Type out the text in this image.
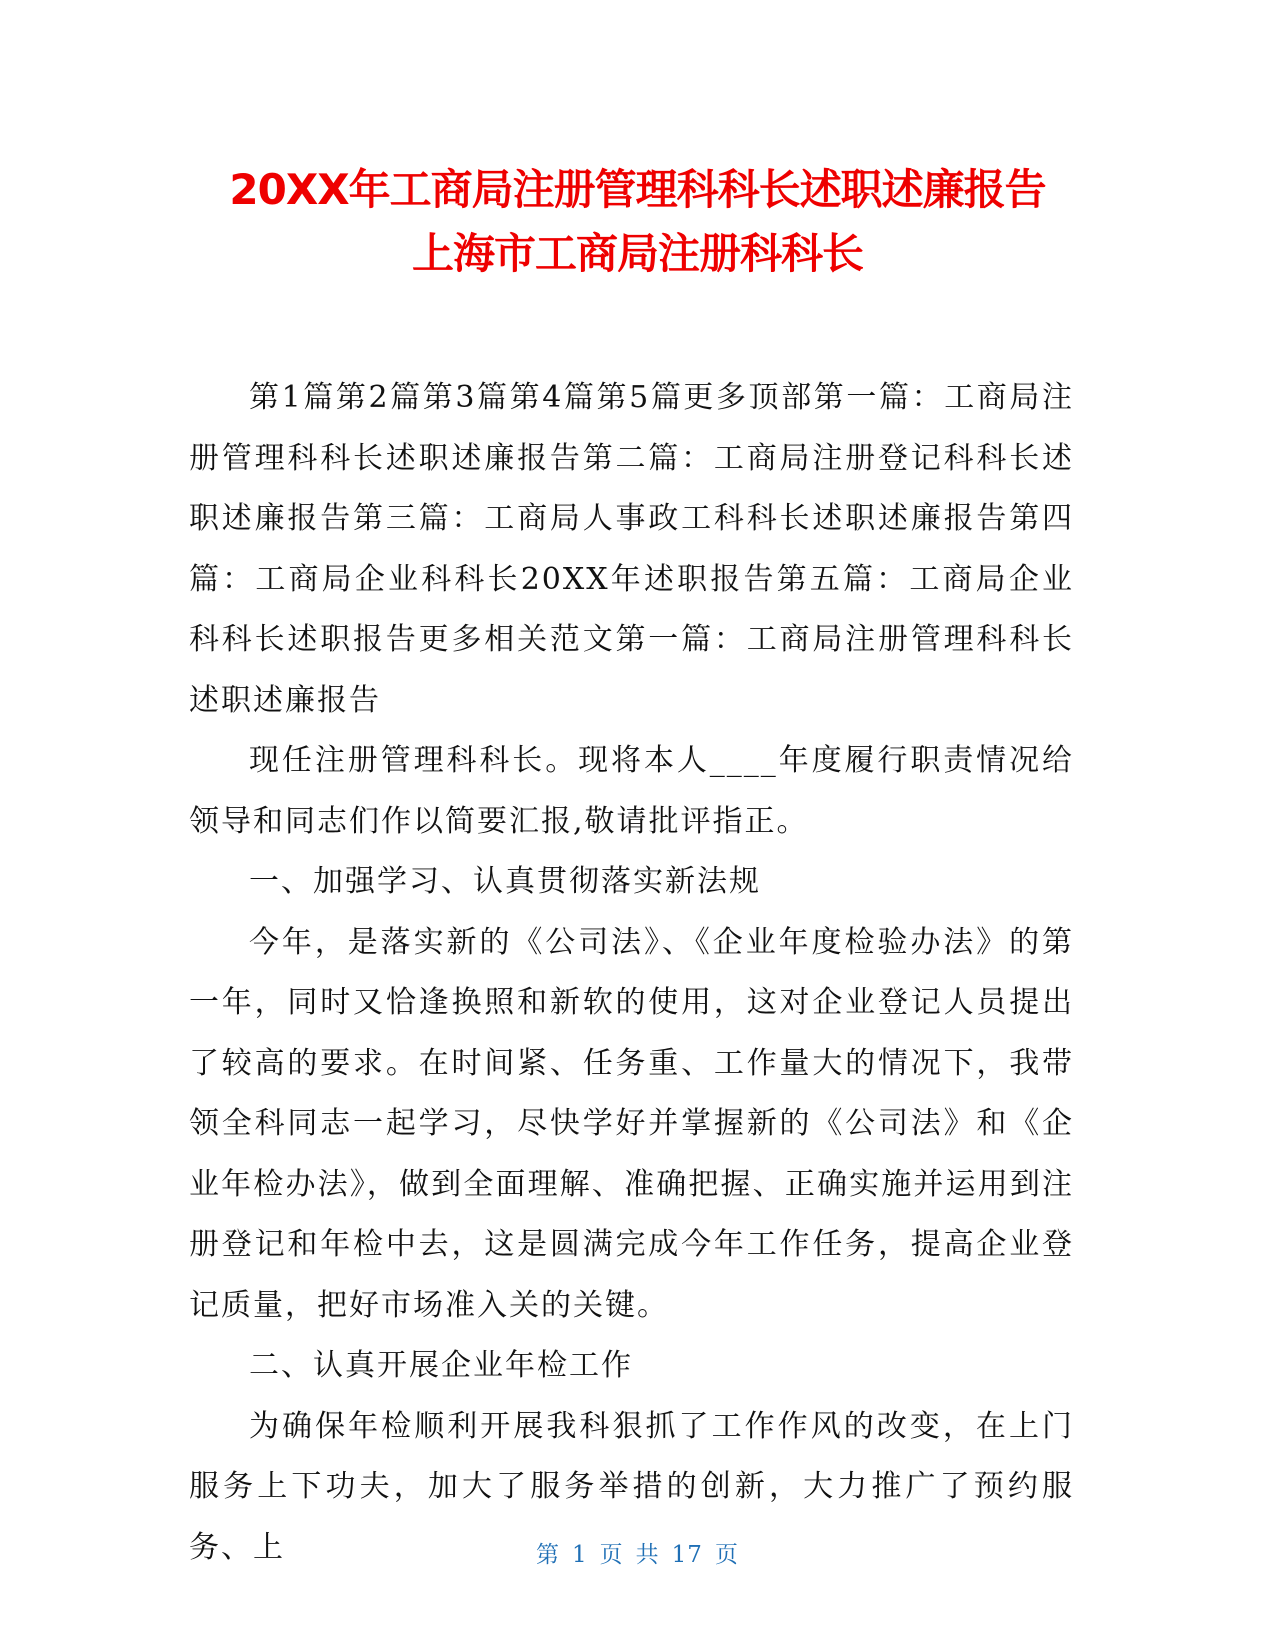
20XX年工商局注册管理科科长述职述廉报告
上海市工商局注册科科长

第1篇第2篇第3篇第4篇第5篇更多顶部第一篇：工商局注册管理科科长述职述廉报告第二篇：工商局注册登记科科长述职述廉报告第三篇：工商局人事政工科科长述职述廉报告第四篇：工商局企业科科长20XX年述职报告第五篇：工商局企业科科长述职报告更多相关范文第一篇：工商局注册管理科科长述职述廉报告

现任注册管理科科长。现将本人____年度履行职责情况给领导和同志们作以简要汇报,敬请批评指正。

一、加强学习、认真贯彻落实新法规

今年，是落实新的《公司法》、《企业年度检验办法》的第一年，同时又恰逢换照和新软的使用，这对企业登记人员提出了较高的要求。在时间紧、任务重、工作量大的情况下，我带领全科同志一起学习，尽快学好并掌握新的《公司法》和《企业年检办法》，做到全面理解、准确把握、正确实施并运用到注册登记和年检中去，这是圆满完成今年工作任务，提高企业登记质量，把好市场准入关的关键。

二、认真开展企业年检工作

为确保年检顺利开展我科狠抓了工作作风的改变，在上门服务上下功夫，加大了服务举措的创新，大力推广了预约服务、上	第 1 页 共 17 页
